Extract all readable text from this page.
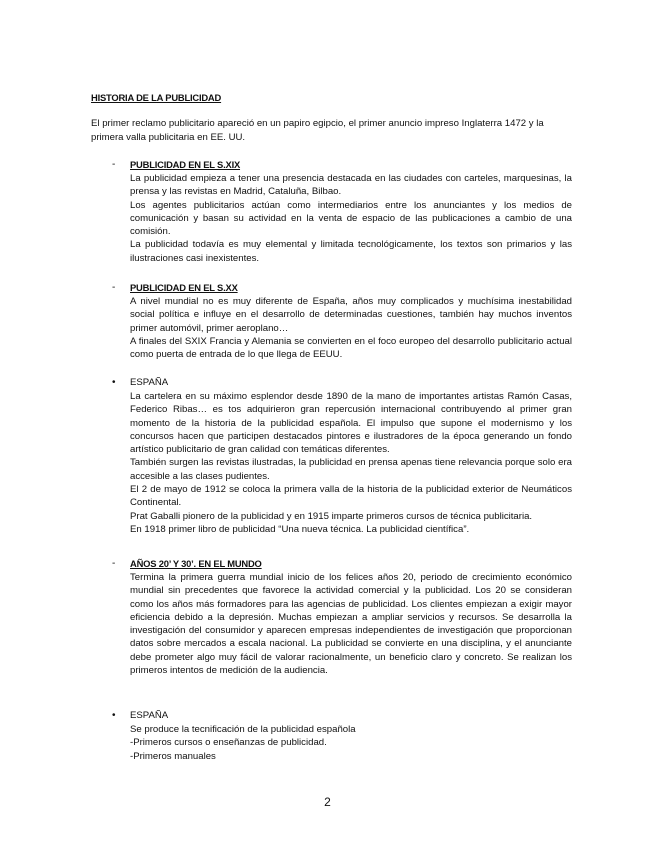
HISTORIA DE LA PUBLICIDAD
El primer reclamo publicitario apareció en un papiro egipcio, el primer anuncio impreso Inglaterra 1472 y la primera valla publicitaria en EE. UU.
-	PUBLICIDAD EN EL S.XIX
La publicidad empieza a tener una presencia destacada en las ciudades con carteles, marquesinas, la prensa y las revistas en Madrid, Cataluña, Bilbao.
Los agentes publicitarios actúan como intermediarios entre los anunciantes y los medios de comunicación y basan su actividad en la venta de espacio de las publicaciones a cambio de una comisión.
La publicidad todavía es muy elemental y limitada tecnológicamente, los textos son primarios y las ilustraciones casi inexistentes.
-	PUBLICIDAD EN EL S.XX
A nivel mundial no es muy diferente de España, años muy complicados y muchísima inestabilidad social política e influye en el desarrollo de determinadas cuestiones, también hay muchos inventos primer automóvil, primer aeroplano…
A finales del SXIX Francia y Alemania se convierten en el foco europeo del desarrollo publicitario actual como puerta de entrada de lo que llega de EEUU.
•	ESPAÑA
La cartelera en su máximo esplendor desde 1890 de la mano de importantes artistas Ramón Casas, Federico Ribas… es tos adquirieron gran repercusión internacional contribuyendo al primer gran momento de la historia de la publicidad española. El impulso que supone el modernismo y los concursos hacen que participen destacados pintores e ilustradores de la época generando un fondo artístico publicitario de gran calidad con temáticas diferentes.
También surgen las revistas ilustradas, la publicidad en prensa apenas tiene relevancia porque solo era accesible a las clases pudientes.
El 2 de mayo de 1912 se coloca la primera valla de la historia de la publicidad exterior de Neumáticos Continental.
Prat Gaballi pionero de la publicidad y en 1915 imparte primeros cursos de técnica publicitaria.
En 1918 primer libro de publicidad “Una nueva técnica. La publicidad científica”.
-	AÑOS 20’ Y 30’. EN EL MUNDO
Termina la primera guerra mundial inicio de los felices años 20, periodo de crecimiento económico mundial sin precedentes que favorece la actividad comercial y la publicidad. Los 20 se consideran como los años más formadores para las agencias de publicidad. Los clientes empiezan a exigir mayor eficiencia debido a la depresión. Muchas empiezan a ampliar servicios y recursos. Se desarrolla la investigación del consumidor y aparecen empresas independientes de investigación que proporcionan datos sobre mercados a escala nacional. La publicidad se convierte en una disciplina, y el anunciante debe prometer algo muy fácil de valorar racionalmente, un beneficio claro y concreto. Se realizan los primeros intentos de medición de la audiencia.
•	ESPAÑA
Se produce la tecnificación de la publicidad española
-Primeros cursos o enseñanzas de publicidad.
-Primeros manuales
2
